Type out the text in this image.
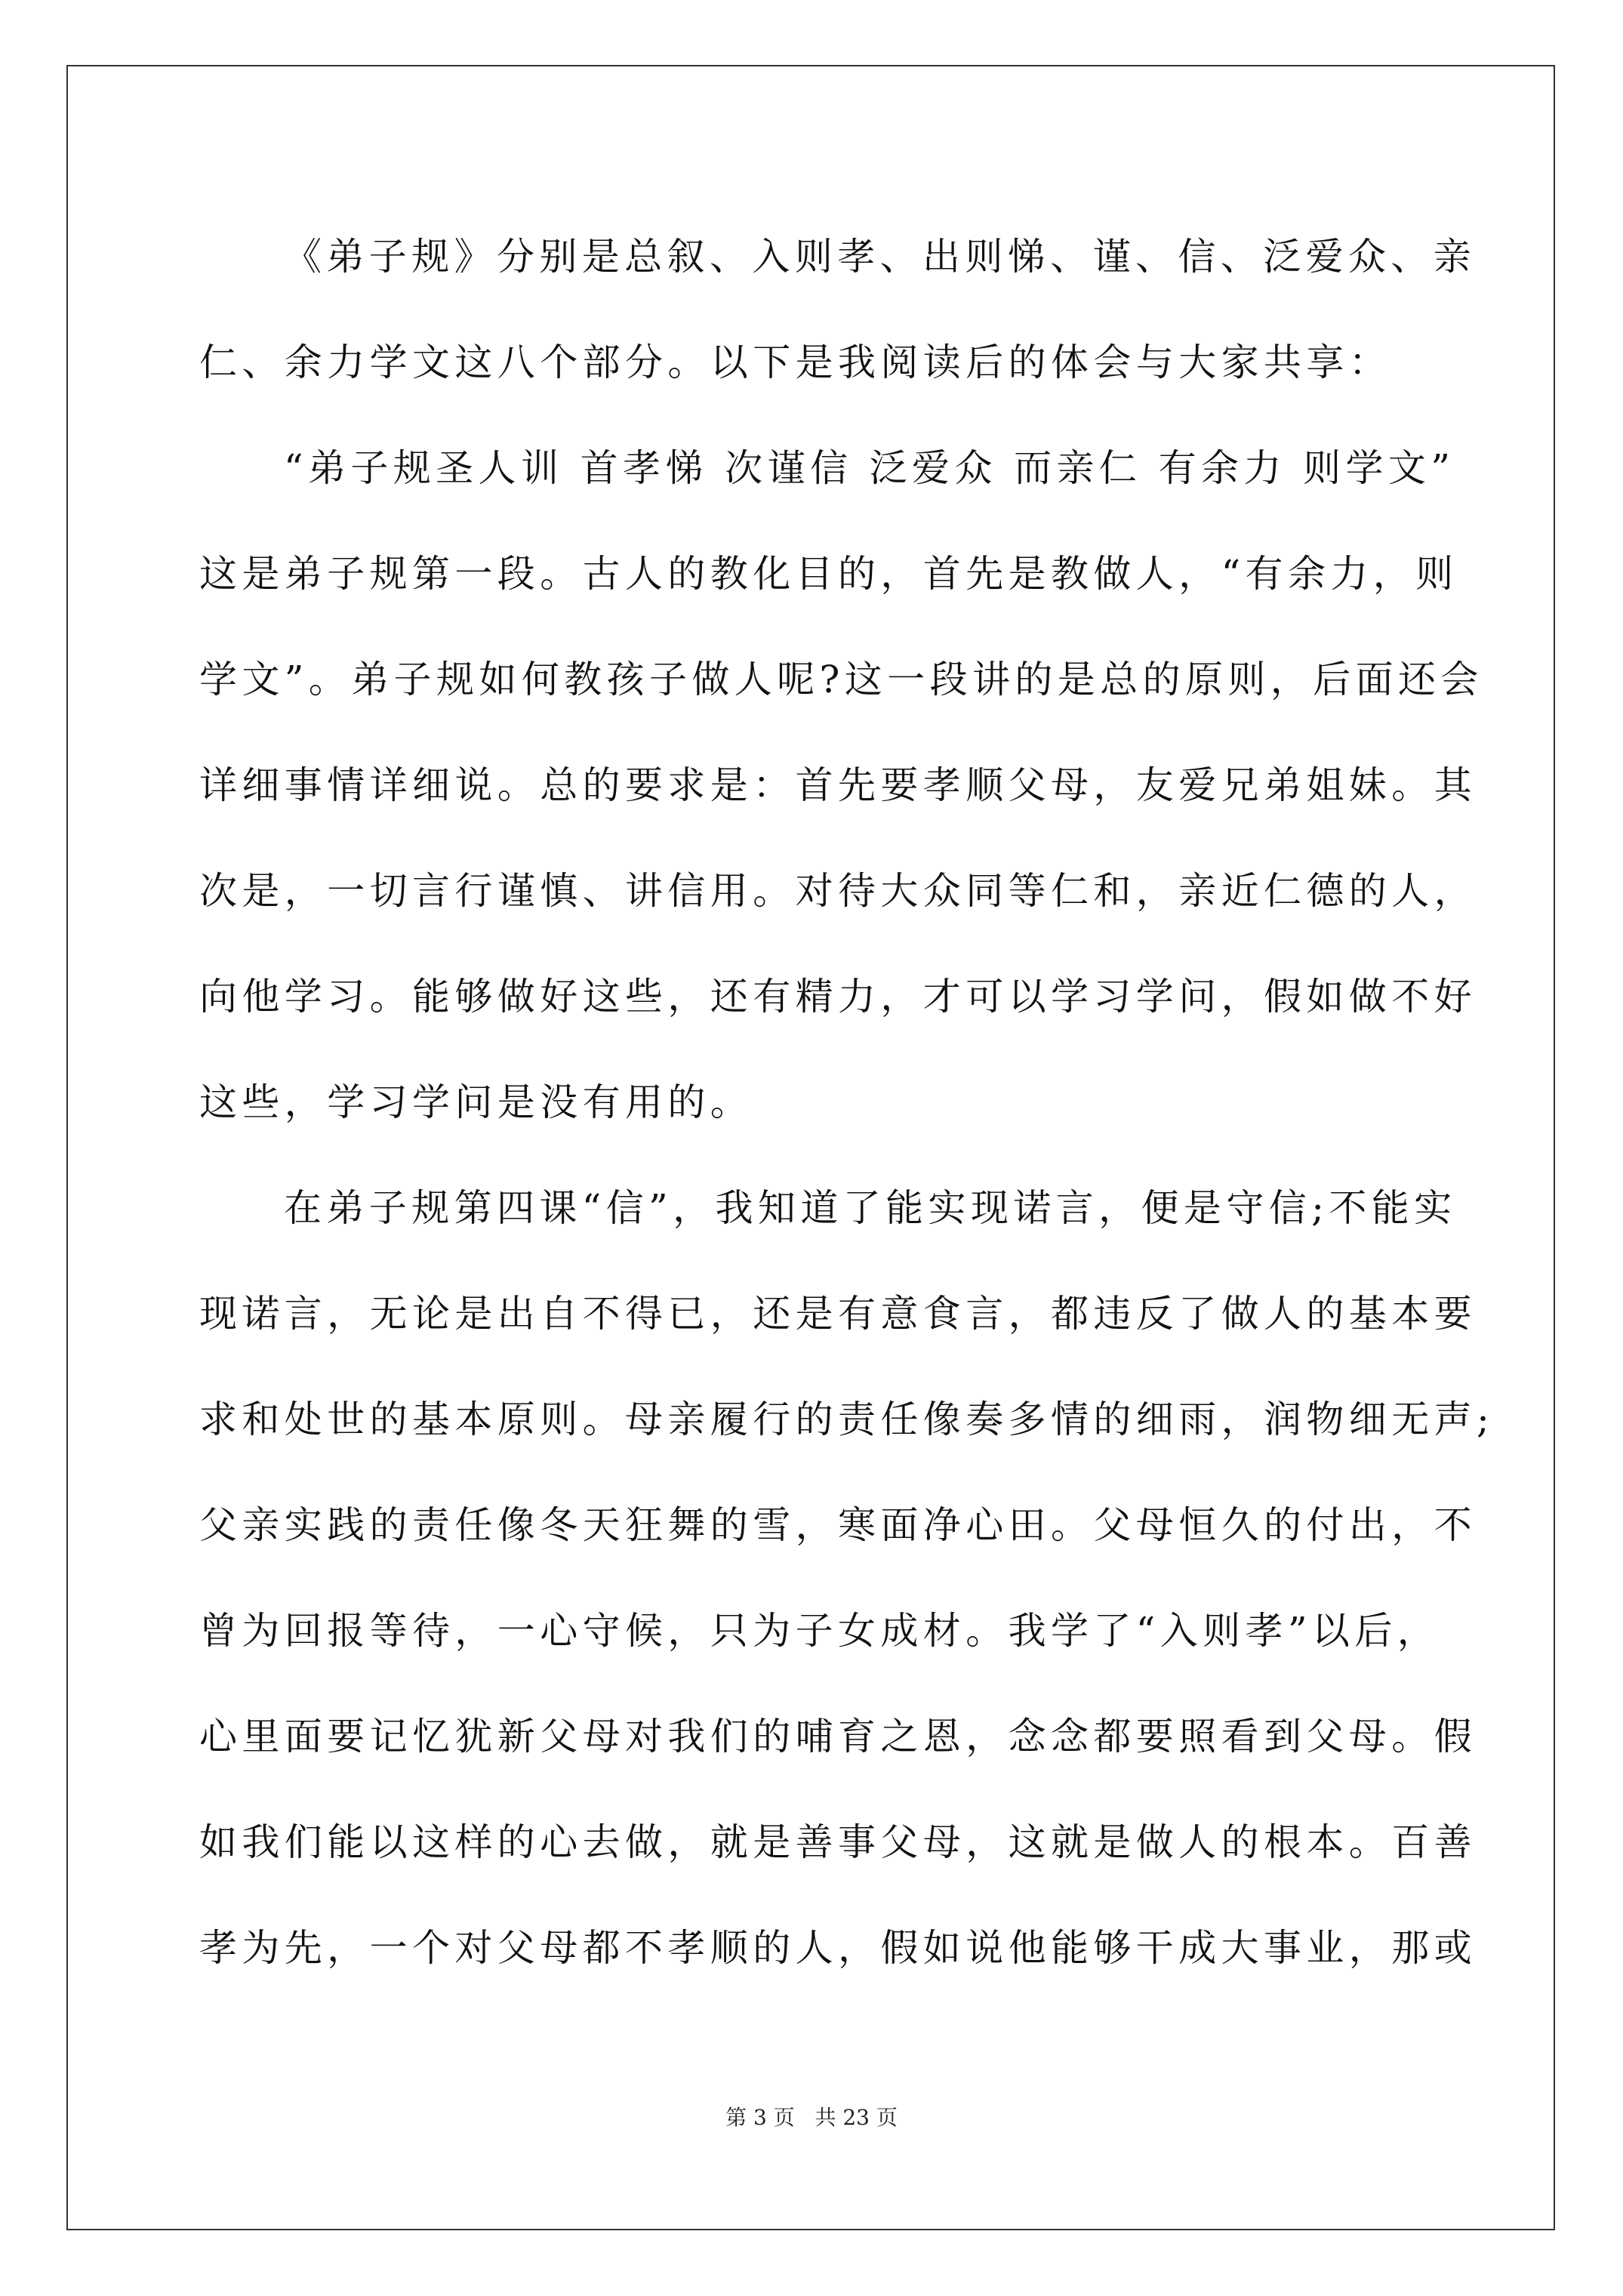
《弟子规》分别是总叙、入则孝、出则悌、谨、信、泛爱众、亲
仁、余力学文这八个部分。以下是我阅读后的体会与大家共享：
“弟子规圣人训 首孝悌 次谨信 泛爱众 而亲仁 有余力 则学文”
这是弟子规第一段。古人的教化目的，首先是教做人，“有余力，则
学文”。弟子规如何教孩子做人呢?这一段讲的是总的原则，后面还会
详细事情详细说。总的要求是：首先要孝顺父母，友爱兄弟姐妹。其
次是，一切言行谨慎、讲信用。对待大众同等仁和，亲近仁德的人，
向他学习。能够做好这些，还有精力，才可以学习学问，假如做不好
这些，学习学问是没有用的。
在弟子规第四课“信”，我知道了能实现诺言，便是守信;不能实
现诺言，无论是出自不得已，还是有意食言，都违反了做人的基本要
求和处世的基本原则。母亲履行的责任像奏多情的细雨，润物细无声;
父亲实践的责任像冬天狂舞的雪，寒面净心田。父母恒久的付出，不
曾为回报等待，一心守候，只为子女成材。我学了“入则孝”以后，
心里面要记忆犹新父母对我们的哺育之恩，念念都要照看到父母。假
如我们能以这样的心去做，就是善事父母，这就是做人的根本。百善
孝为先，一个对父母都不孝顺的人，假如说他能够干成大事业，那或
第 3 页   共 23 页
